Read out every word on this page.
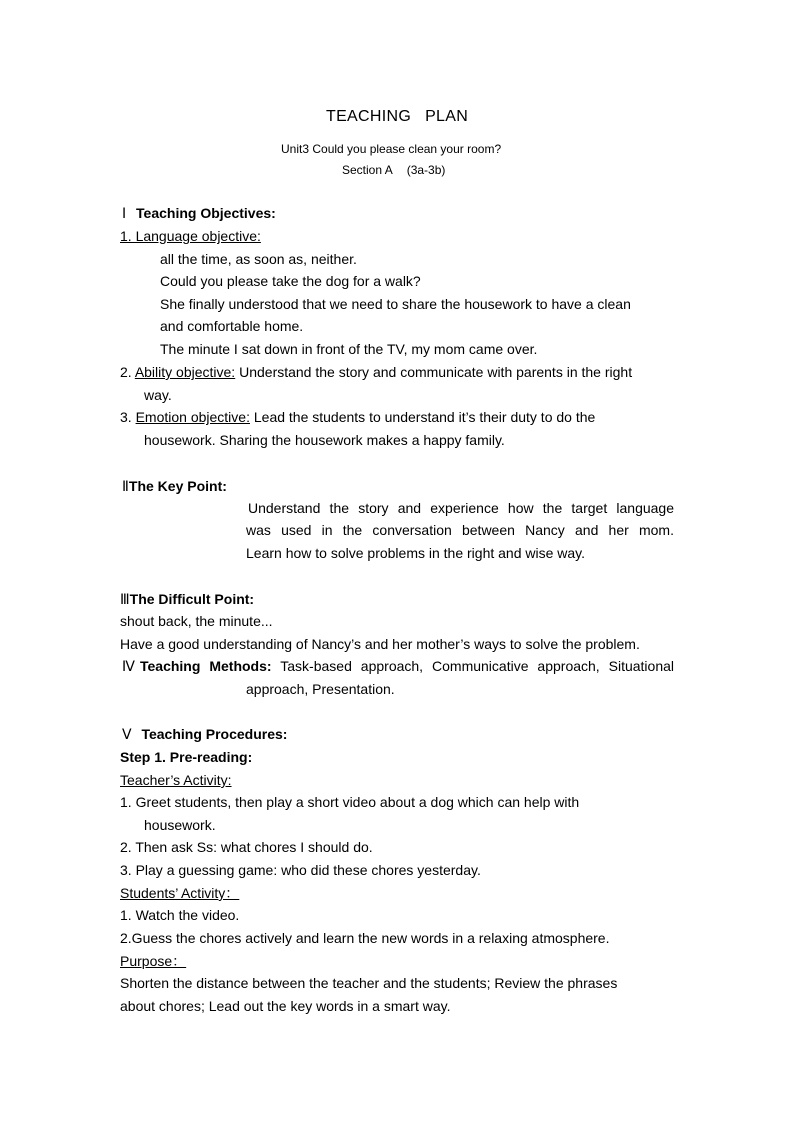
TEACHING PLAN
Unit3 Could you please clean your room?
Section A (3a-3b)
Ⅰ Teaching Objectives:
1. Language objective:
all the time, as soon as, neither.
Could you please take the dog for a walk?
She finally understood that we need to share the housework to have a clean
and comfortable home.
The minute I sat down in front of the TV, my mom came over.
2. Ability objective: Understand the story and communicate with parents in the right
way.
3. Emotion objective: Lead the students to understand it’s their duty to do the
housework. Sharing the housework makes a happy family.
ⅡThe Key Point:
Understand the story and experience how the target language
was used in the conversation between Nancy and her mom.
Learn how to solve problems in the right and wise way.
ⅢThe Difficult Point:
shout back, the minute...
Have a good understanding of Nancy’s and her mother’s ways to solve the problem.
ⅣTeaching Methods: Task-based approach, Communicative approach, Situational
approach, Presentation.
Ⅴ Teaching Procedures:
Step 1. Pre-reading:
Teacher’s Activity:
1. Greet students, then play a short video about a dog which can help with
housework.
2. Then ask Ss: what chores I should do.
3. Play a guessing game: who did these chores yesterday.
Students’ Activity：
1. Watch the video.
2.Guess the chores actively and learn the new words in a relaxing atmosphere.
Purpose：
Shorten the distance between the teacher and the students; Review the phrases
about chores; Lead out the key words in a smart way.
